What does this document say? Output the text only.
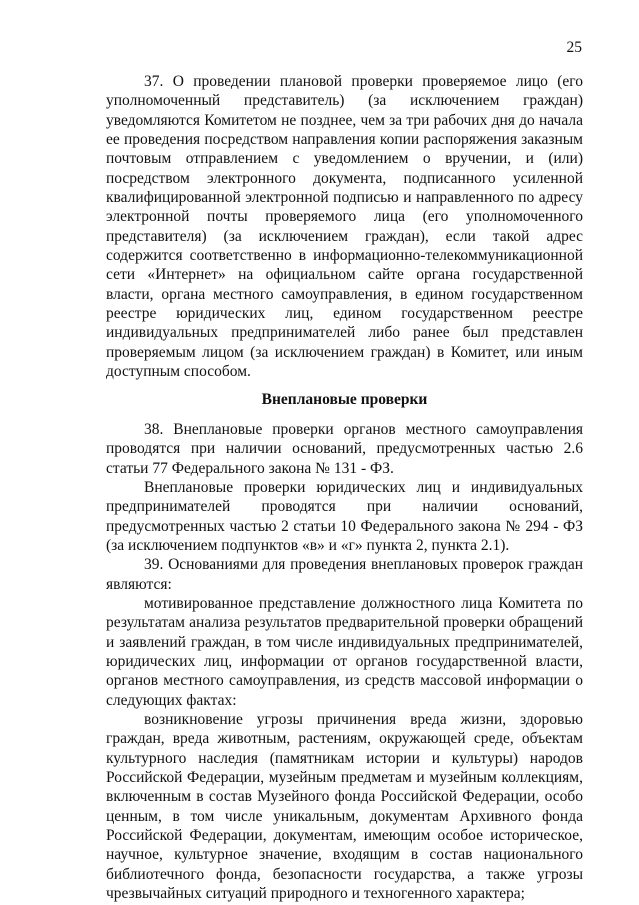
25

37. О проведении плановой проверки проверяемое лицо (его уполномоченный представитель) (за исключением граждан) уведомляются Комитетом не позднее, чем за три рабочих дня до начала ее проведения посредством направления копии распоряжения заказным почтовым отправлением с уведомлением о вручении, и (или) посредством электронного документа, подписанного усиленной квалифицированной электронной подписью и направленного по адресу электронной почты проверяемого лица (его уполномоченного представителя) (за исключением граждан), если такой адрес содержится соответственно в информационно-телекоммуникационной сети «Интернет» на официальном сайте органа государственной власти, органа местного самоуправления, в едином государственном реестре юридических лиц, едином государственном реестре индивидуальных предпринимателей либо ранее был представлен проверяемым лицом (за исключением граждан) в Комитет, или иным доступным способом.

Внеплановые проверки

38. Внеплановые проверки органов местного самоуправления проводятся при наличии оснований, предусмотренных частью 2.6 статьи 77 Федерального закона № 131 - ФЗ.

Внеплановые проверки юридических лиц и индивидуальных предпринимателей проводятся при наличии оснований, предусмотренных частью 2 статьи 10 Федерального закона № 294 - ФЗ (за исключением подпунктов «в» и «г» пункта 2, пункта 2.1).

39. Основаниями для проведения внеплановых проверок граждан являются:

мотивированное представление должностного лица Комитета по результатам анализа результатов предварительной проверки обращений и заявлений граждан, в том числе индивидуальных предпринимателей, юридических лиц, информации от органов государственной власти, органов местного самоуправления, из средств массовой информации о следующих фактах:

возникновение угрозы причинения вреда жизни, здоровью граждан, вреда животным, растениям, окружающей среде, объектам культурного наследия (памятникам истории и культуры) народов Российской Федерации, музейным предметам и музейным коллекциям, включенным в состав Музейного фонда Российской Федерации, особо ценным, в том числе уникальным, документам Архивного фонда Российской Федерации, документам, имеющим особое историческое, научное, культурное значение, входящим в состав национального библиотечного фонда, безопасности государства, а также угрозы чрезвычайных ситуаций природного и техногенного характера;
